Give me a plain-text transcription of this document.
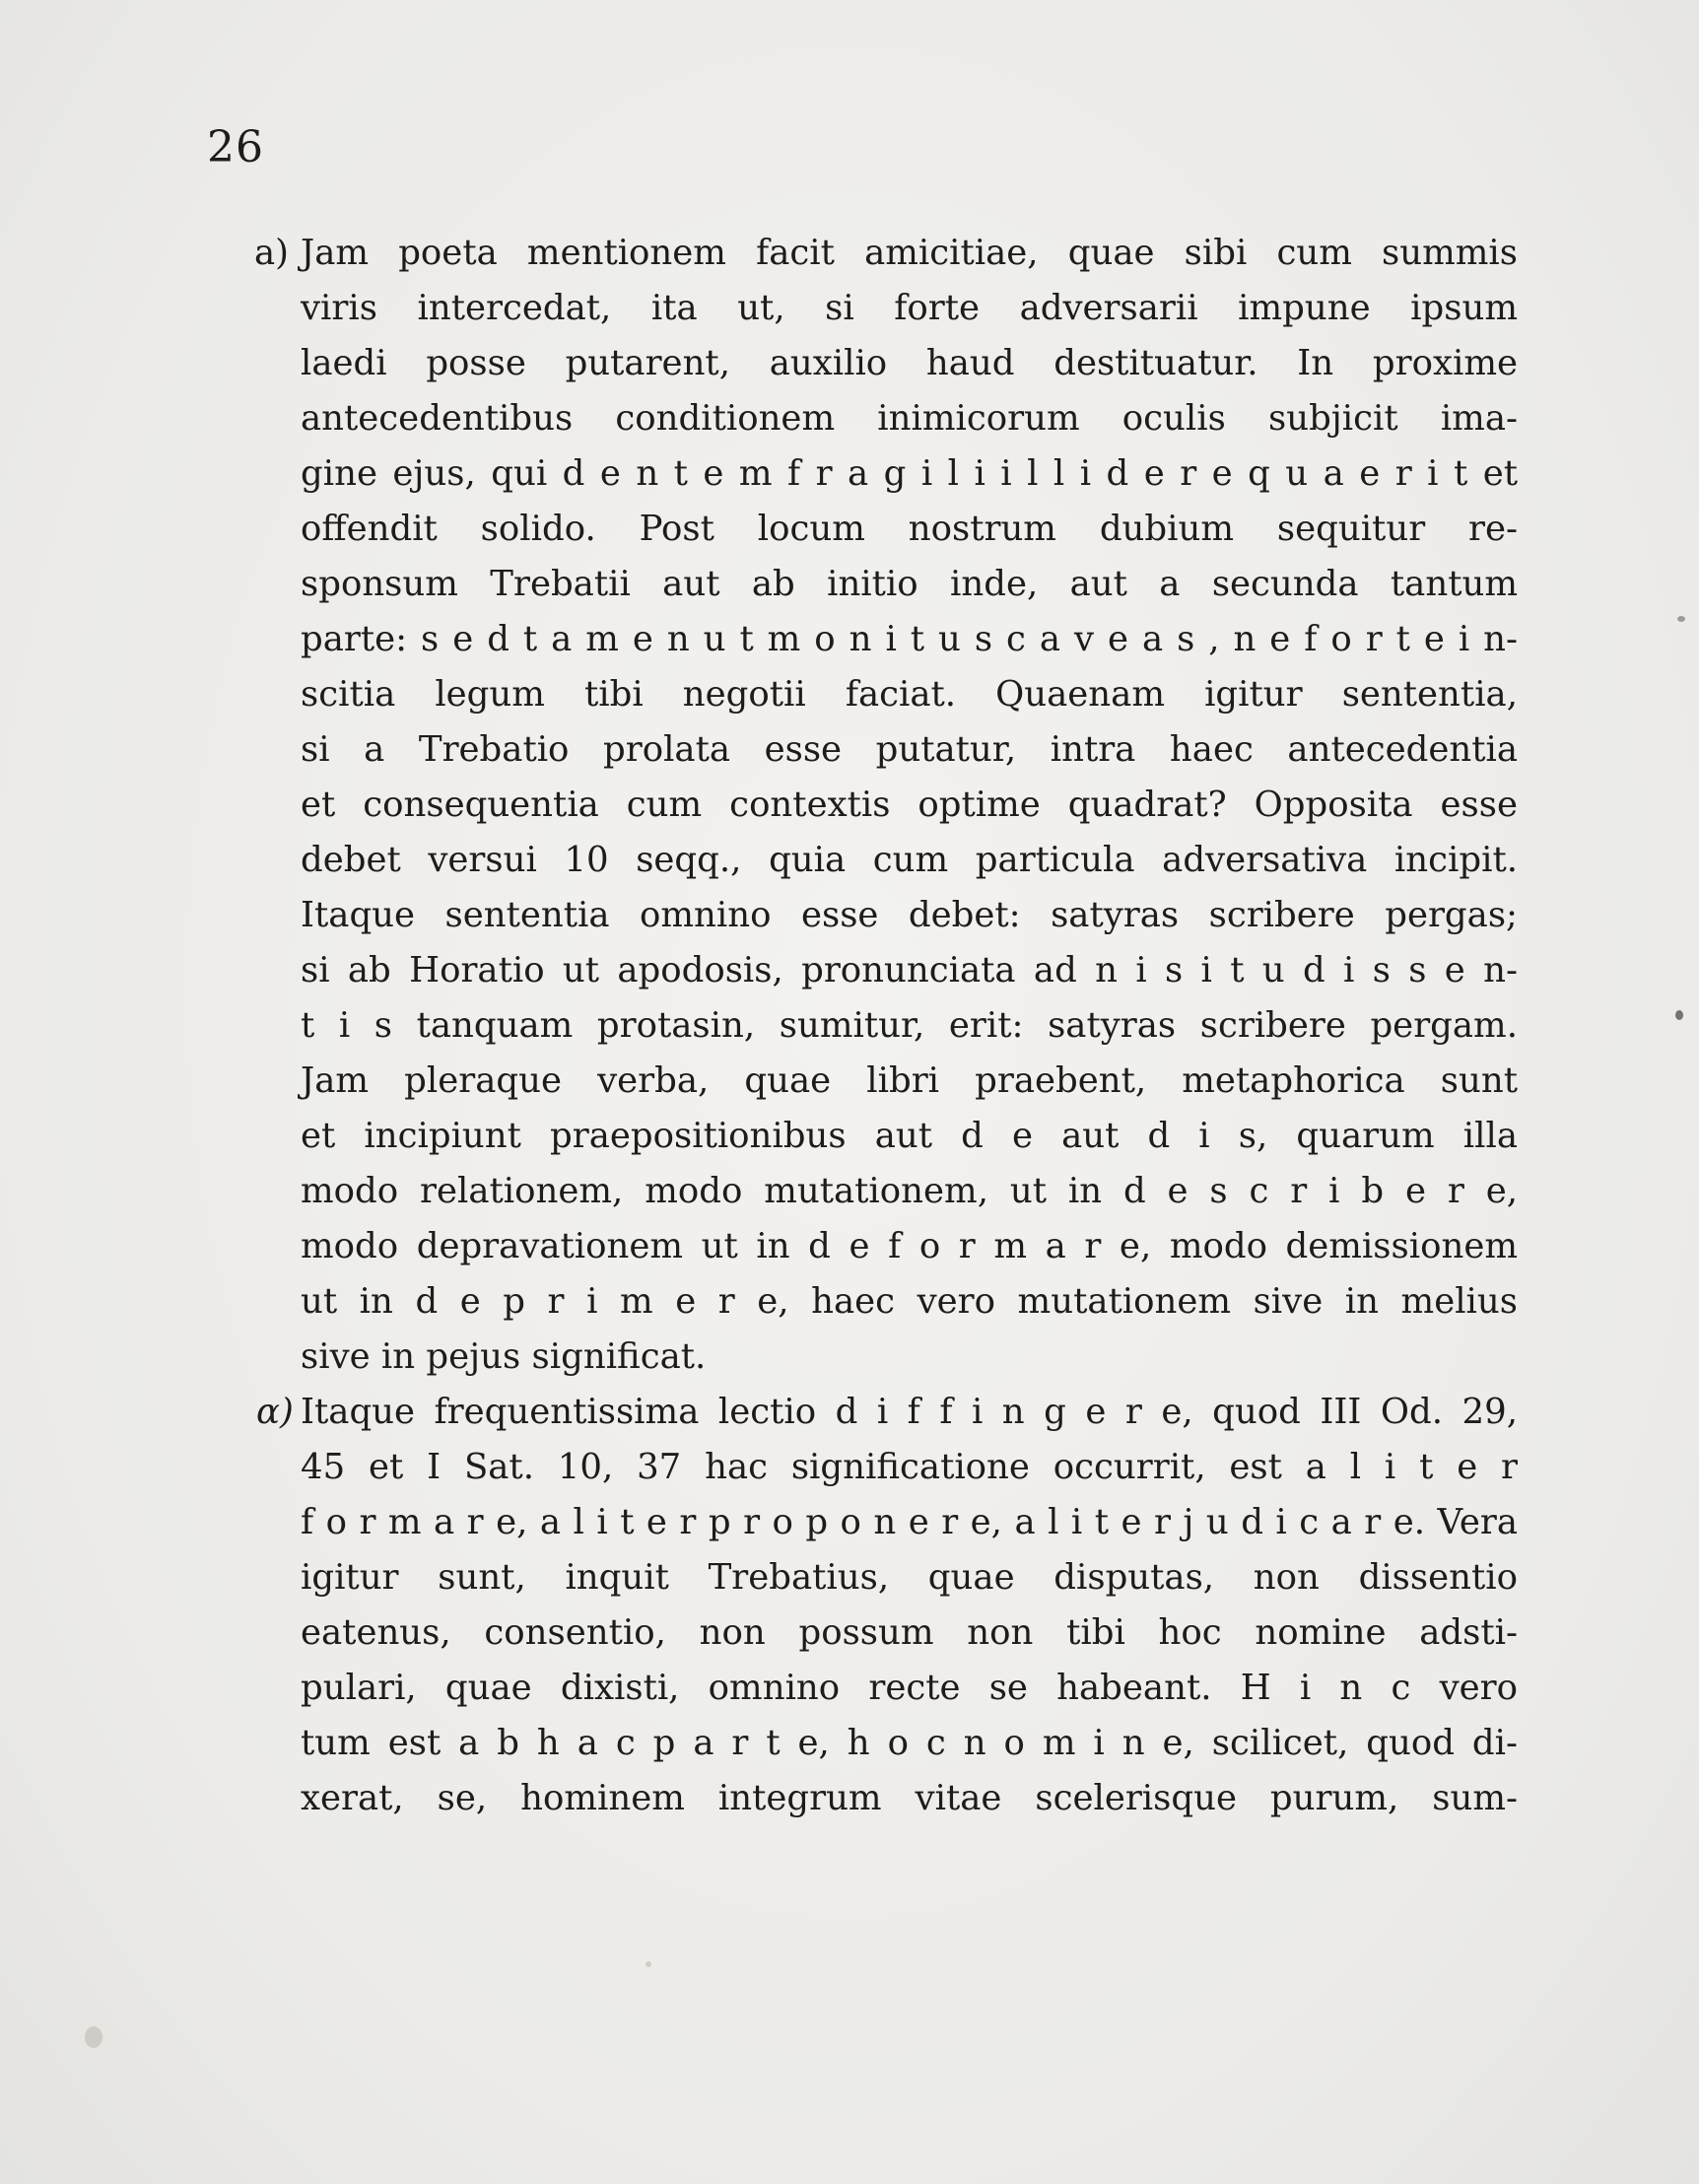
26
a) Jam poeta mentionem facit amicitiae, quae sibi cum summis
viris intercedat, ita ut, si forte adversarii impune ipsum
laedi posse putarent, auxilio haud destituatur. In proxime
antecedentibus conditionem inimicorum oculis subjicit ima-
gine ejus, qui d e n t e m f r a g i l i i l l i d e r e q u a e r i t et
offendit solido. Post locum nostrum dubium sequitur re-
sponsum Trebatii aut ab initio inde, aut a secunda tantum
parte: s e d t a m e n u t m o n i t u s c a v e a s , n e f o r t e i n-
scitia legum tibi negotii faciat. Quaenam igitur sententia,
si a Trebatio prolata esse putatur, intra haec antecedentia
et consequentia cum contextis optime quadrat? Opposita esse
debet versui 10 seqq., quia cum particula adversativa incipit.
Itaque sententia omnino esse debet: satyras scribere pergas;
si ab Horatio ut apodosis, pronunciata ad n i s i t u d i s s e n-
t i s tanquam protasin, sumitur, erit: satyras scribere pergam.
Jam pleraque verba, quae libri praebent, metaphorica sunt
et incipiunt praepositionibus aut d e aut d i s, quarum illa
modo relationem, modo mutationem, ut in d e s c r i b e r e,
modo depravationem ut in d e f o r m a r e, modo demissionem
ut in d e p r i m e r e, haec vero mutationem sive in melius
sive in pejus significat.
α) Itaque frequentissima lectio d i f f i n g e r e, quod III Od. 29,
45 et I Sat. 10, 37 hac significatione occurrit, est a l i t e r
f o r m a r e, a l i t e r p r o p o n e r e, a l i t e r j u d i c a r e. Vera
igitur sunt, inquit Trebatius, quae disputas, non dissentio
eatenus, consentio, non possum non tibi hoc nomine adsti-
pulari, quae dixisti, omnino recte se habeant. H i n c vero
tum est a b h a c p a r t e, h o c n o m i n e, scilicet, quod di-
xerat, se, hominem integrum vitae scelerisque purum, sum-
